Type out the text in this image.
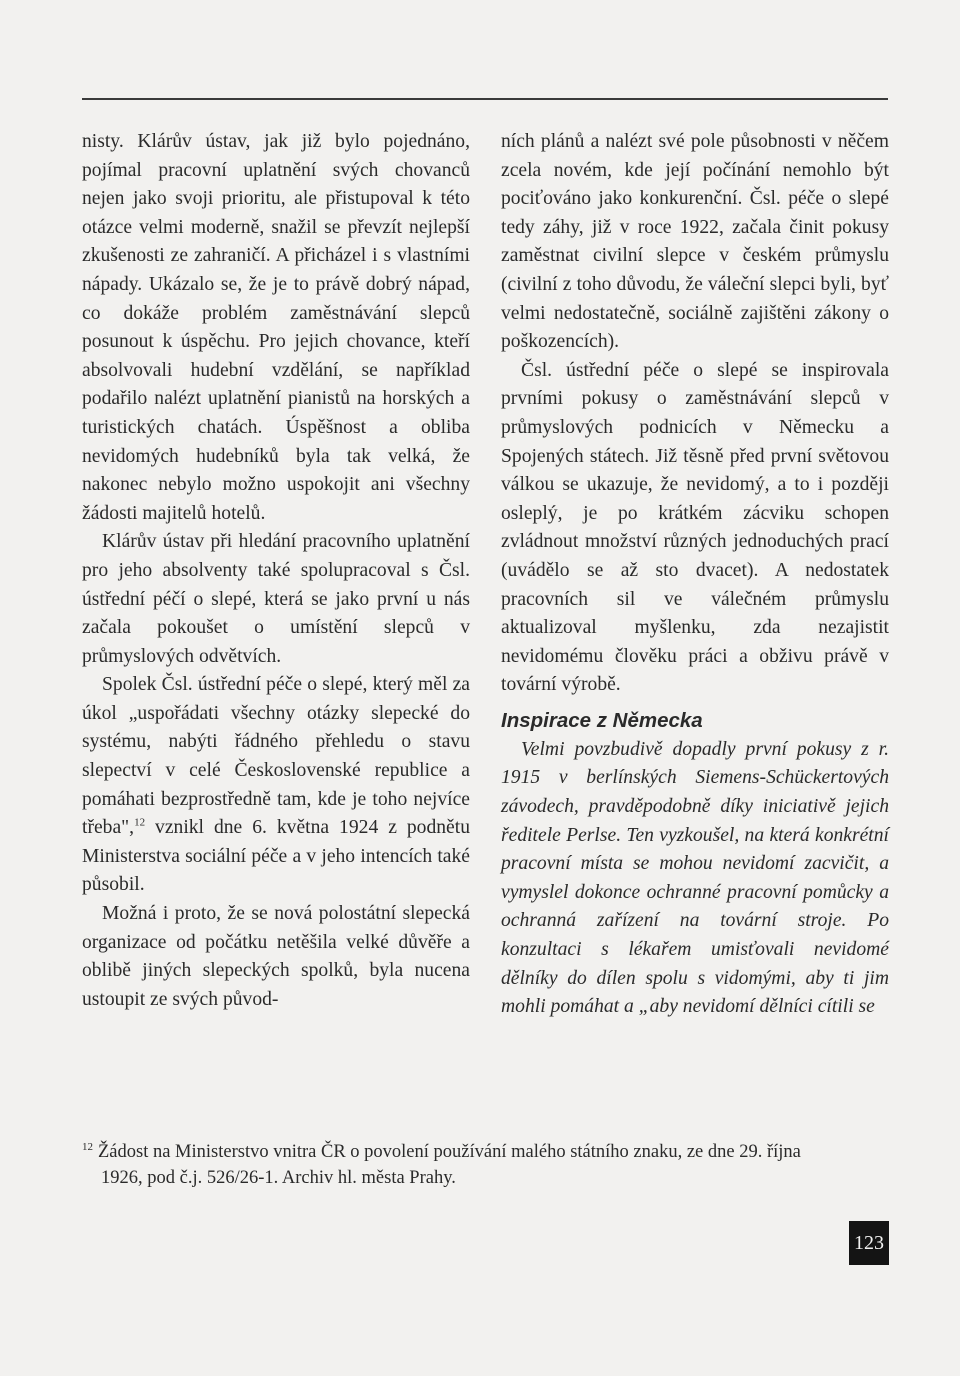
nisty. Klárův ústav, jak již bylo pojednáno, pojímal pracovní uplatnění svých chovanců nejen jako svoji prioritu, ale přistupoval k této otázce velmi moderně, snažil se převzít nejlepší zkušenosti ze zahraničí. A přicházel i s vlastními nápady. Ukázalo se, že je to právě dobrý nápad, co dokáže problém zaměstnávání slepců posunout k úspěchu. Pro jejich chovance, kteří absolvovali hudební vzdělání, se například podařilo nalézt uplatnění pianistů na horských a turistických chatách. Úspěšnost a obliba nevidomých hudebníků byla tak velká, že nakonec nebylo možno uspokojit ani všechny žádosti majitelů hotelů.

Klárův ústav při hledání pracovního uplatnění pro jeho absolventy také spolupracoval s Čsl. ústřední péčí o slepé, která se jako první u nás začala pokoušet o umístění slepců v průmyslových odvětvích.

Spolek Čsl. ústřední péče o slepé, který měl za úkol „uspořádati všechny otázky slepecké do systému, nabýti řádného přehledu o stavu slepectví v celé Československé republice a pomáhati bezprostředně tam, kde je toho nejvíce třeba",$^{12}$ vznikl dne 6. května 1924 z podnětu Ministerstva sociální péče a v jeho intencích také působil.

Možná i proto, že se nová polostátní slepecká organizace od počátku netěšila velké důvěře a oblibě jiných slepeckých spolků, byla nucena ustoupit ze svých původ-

ních plánů a nalézt své pole působnosti v něčem zcela novém, kde její počínání nemohlo být pociťováno jako konkurenční. Čsl. péče o slepé tedy záhy, již v roce 1922, začala činit pokusy zaměstnat civilní slepce v českém průmyslu (civilní z toho důvodu, že váleční slepci byli, byť velmi nedostatečně, sociálně zajištěni zákony o poškozencích).

Čsl. ústřední péče o slepé se inspirovala prvními pokusy o zaměstnávání slepců v průmyslových podnicích v Německu a Spojených státech. Již těsně před první světovou válkou se ukazuje, že nevidomý, a to i později osleplý, je po krátkém zácviku schopen zvládnout množství různých jednoduchých prací (uvádělo se až sto dvacet). A nedostatek pracovních sil ve válečném průmyslu aktualizoval myšlenku, zda nezajistit nevidomému člověku práci a obživu právě v tovární výrobě.

Inspirace z Německa

Velmi povzbudivě dopadly první pokusy z r. 1915 v berlínských Siemens-Schückertových závodech, pravděpodobně díky iniciativě jejich ředitele Perlse. Ten vyzkoušel, na která konkrétní pracovní místa se mohou nevidomí zacvičit, a vymyslel dokonce ochranné pracovní pomůcky a ochranná zařízení na tovární stroje. Po konzultaci s lékařem umisťovali nevidomé dělníky do dílen spolu s vidomými, aby ti jim mohli pomáhat a „aby nevidomí dělníci cítili se

$^{12}$ Žádost na Ministerstvo vnitra ČR o povolení používání malého státního znaku, ze dne 29. října
1926, pod č.j. 526/26-1. Archiv hl. města Prahy.
123
